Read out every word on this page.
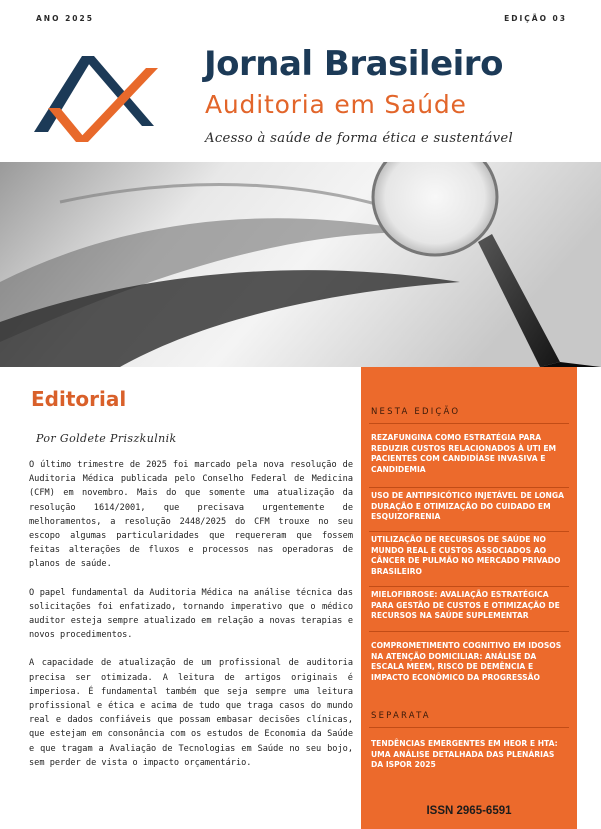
ANO 2025	EDIÇÃO 03
Jornal Brasileiro
Auditoria em Saúde
Acesso à saúde de forma ética e sustentável
Editorial
Por Goldete Priszkulnik

O último trimestre de 2025 foi marcado pela nova resolução de Auditoria Médica publicada pelo Conselho Federal de Medicina (CFM) em novembro. Mais do que somente uma atualização da resolução 1614/2001, que precisava urgentemente de melhoramentos, a resolução 2448/2025 do CFM trouxe no seu escopo algumas particularidades que requereram que fossem feitas alterações de fluxos e processos nas operadoras de planos de saúde.

O papel fundamental da Auditoria Médica na análise técnica das solicitações foi enfatizado, tornando imperativo que o médico auditor esteja sempre atualizado em relação a novas terapias e novos procedimentos.

A capacidade de atualização de um profissional de auditoria precisa ser otimizada. A leitura de artigos originais é imperiosa. É fundamental também que seja sempre uma leitura profissional e ética e acima de tudo que traga casos do mundo real e dados confiáveis que possam embasar decisões clínicas, que estejam em consonância com os estudos de Economia da Saúde e que tragam a Avaliação de Tecnologias em Saúde no seu bojo, sem perder de vista o impacto orçamentário.

NESTA EDIÇÃO
REZAFUNGINA COMO ESTRATÉGIA PARA REDUZIR CUSTOS RELACIONADOS À UTI EM PACIENTES COM CANDIDÍASE INVASIVA E CANDIDEMIA
USO DE ANTIPSICÓTICO INJETÁVEL DE LONGA DURAÇÃO E OTIMIZAÇÃO DO CUIDADO EM ESQUIZOFRENIA
UTILIZAÇÃO DE RECURSOS DE SAÚDE NO MUNDO REAL E CUSTOS ASSOCIADOS AO CÂNCER DE PULMÃO NO MERCADO PRIVADO BRASILEIRO
MIELOFIBROSE: AVALIAÇÃO ESTRATÉGICA PARA GESTÃO DE CUSTOS E OTIMIZAÇÃO DE RECURSOS NA SAÚDE SUPLEMENTAR
COMPROMETIMENTO COGNITIVO EM IDOSOS NA ATENÇÃO DOMICILIAR: ANÁLISE DA ESCALA MEEM, RISCO DE DEMÊNCIA E IMPACTO ECONÔMICO DA PROGRESSÃO
SEPARATA
TENDÊNCIAS EMERGENTES EM HEOR E HTA: UMA ANÁLISE DETALHADA DAS PLENÁRIAS DA ISPOR 2025
ISSN 2965-6591
